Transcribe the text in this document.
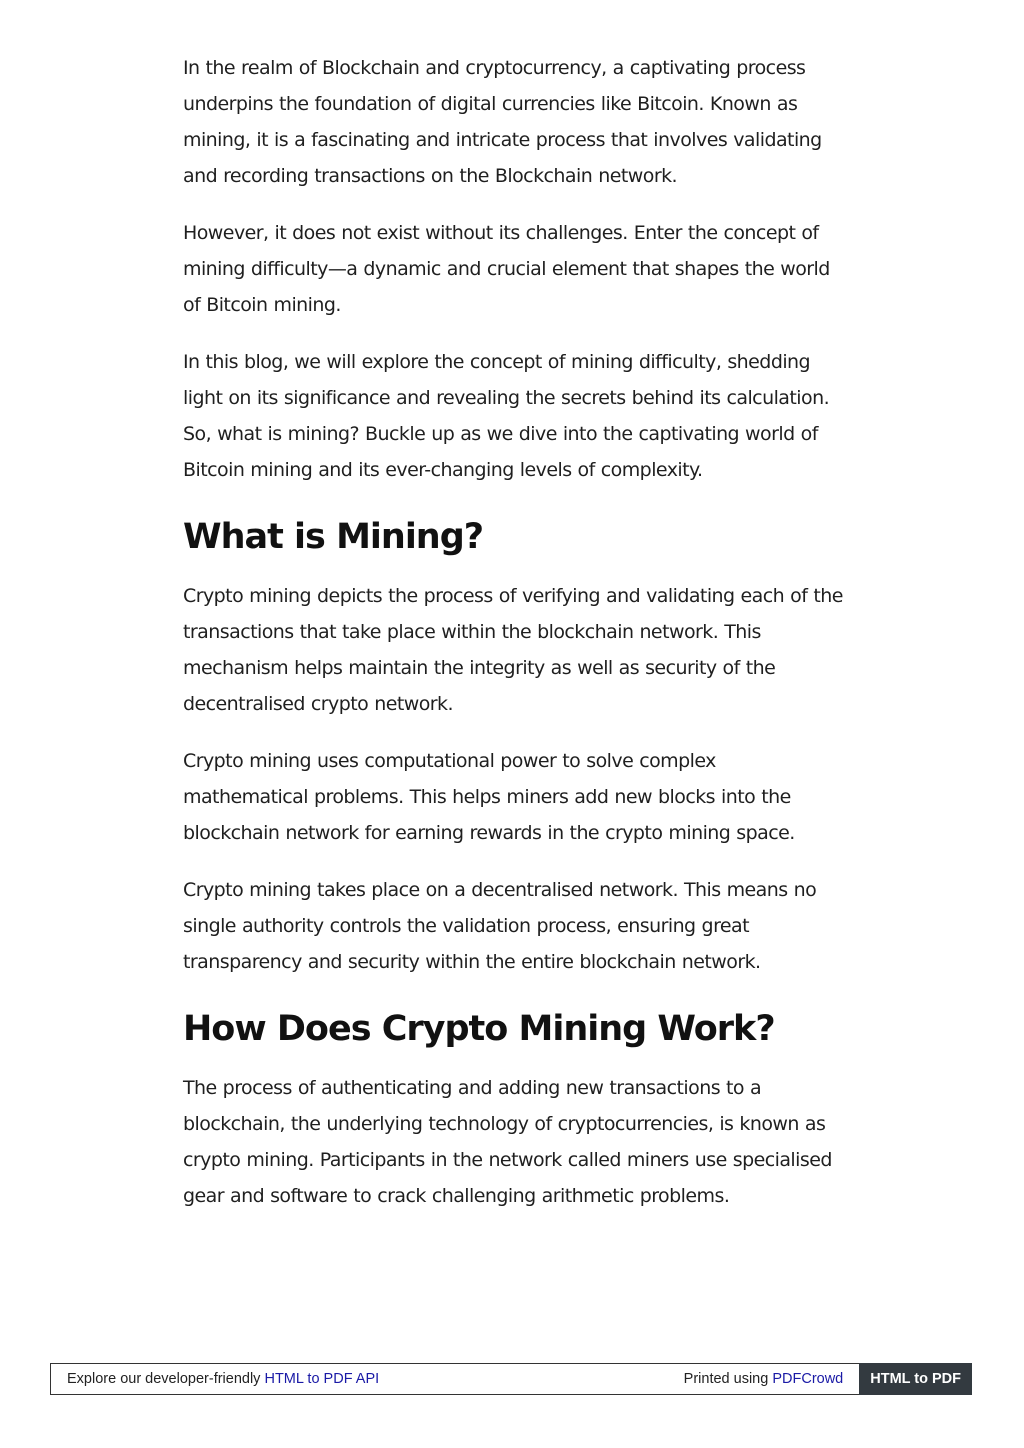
In the realm of Blockchain and cryptocurrency, a captivating process underpins the foundation of digital currencies like Bitcoin. Known as mining, it is a fascinating and intricate process that involves validating and recording transactions on the Blockchain network.

However, it does not exist without its challenges. Enter the concept of mining difficulty—a dynamic and crucial element that shapes the world of Bitcoin mining.

In this blog, we will explore the concept of mining difficulty, shedding light on its significance and revealing the secrets behind its calculation. So, what is mining? Buckle up as we dive into the captivating world of Bitcoin mining and its ever-changing levels of complexity.

What is Mining?

Crypto mining depicts the process of verifying and validating each of the transactions that take place within the blockchain network. This mechanism helps maintain the integrity as well as security of the decentralised crypto network.

Crypto mining uses computational power to solve complex mathematical problems. This helps miners add new blocks into the blockchain network for earning rewards in the crypto mining space.

Crypto mining takes place on a decentralised network. This means no single authority controls the validation process, ensuring great transparency and security within the entire blockchain network.

How Does Crypto Mining Work?

The process of authenticating and adding new transactions to a blockchain, the underlying technology of cryptocurrencies, is known as crypto mining. Participants in the network called miners use specialised gear and software to crack challenging arithmetic problems.

Explore our developer-friendly HTML to PDF API	Printed using PDFCrowd	HTML to PDF
